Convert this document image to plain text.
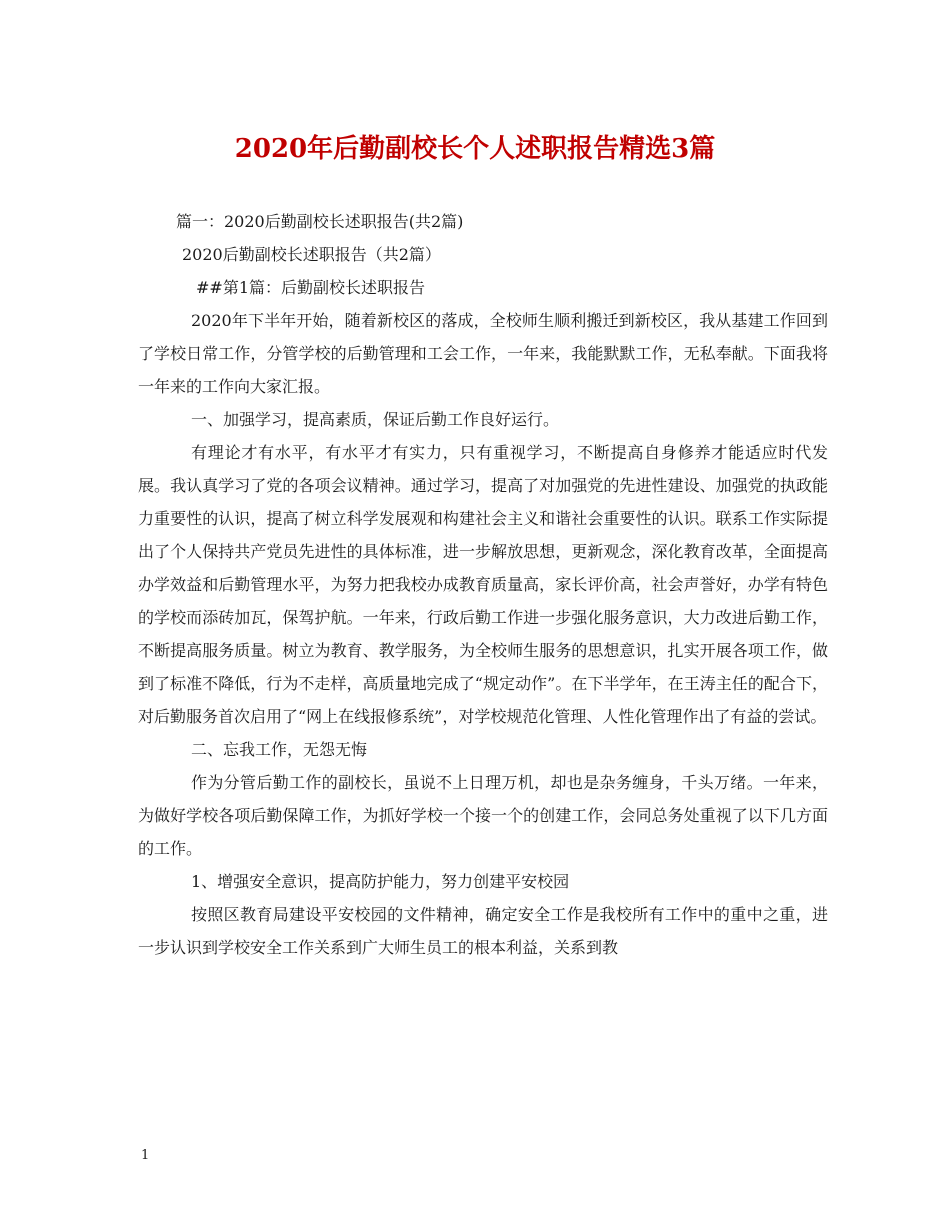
2020年后勤副校长个人述职报告精选3篇

篇一：2020后勤副校长述职报告(共2篇)

2020后勤副校长述职报告（共2篇）

##第1篇：后勤副校长述职报告

2020年下半年开始，随着新校区的落成，全校师生顺利搬迁到新校区，我从基建工作回到了学校日常工作，分管学校的后勤管理和工会工作，一年来，我能默默工作，无私奉献。下面我将一年来的工作向大家汇报。

一、加强学习，提高素质，保证后勤工作良好运行。

有理论才有水平，有水平才有实力，只有重视学习，不断提高自身修养才能适应时代发展。我认真学习了党的各项会议精神。通过学习，提高了对加强党的先进性建设、加强党的执政能力重要性的认识，提高了树立科学发展观和构建社会主义和谐社会重要性的认识。联系工作实际提出了个人保持共产党员先进性的具体标准，进一步解放思想，更新观念，深化教育改革，全面提高办学效益和后勤管理水平，为努力把我校办成教育质量高，家长评价高，社会声誉好，办学有特色的学校而添砖加瓦，保驾护航。一年来，行政后勤工作进一步强化服务意识，大力改进后勤工作，不断提高服务质量。树立为教育、教学服务，为全校师生服务的思想意识，扎实开展各项工作，做到了标准不降低，行为不走样，高质量地完成了“规定动作”。在下半学年，在王涛主任的配合下，对后勤服务首次启用了“网上在线报修系统”，对学校规范化管理、人性化管理作出了有益的尝试。

二、忘我工作，无怨无悔

作为分管后勤工作的副校长，虽说不上日理万机，却也是杂务缠身，千头万绪。一年来，为做好学校各项后勤保障工作，为抓好学校一个接一个的创建工作，会同总务处重视了以下几方面的工作。

1、增强安全意识，提高防护能力，努力创建平安校园

按照区教育局建设平安校园的文件精神，确定安全工作是我校所有工作中的重中之重，进一步认识到学校安全工作关系到广大师生员工的根本利益，关系到教

1
